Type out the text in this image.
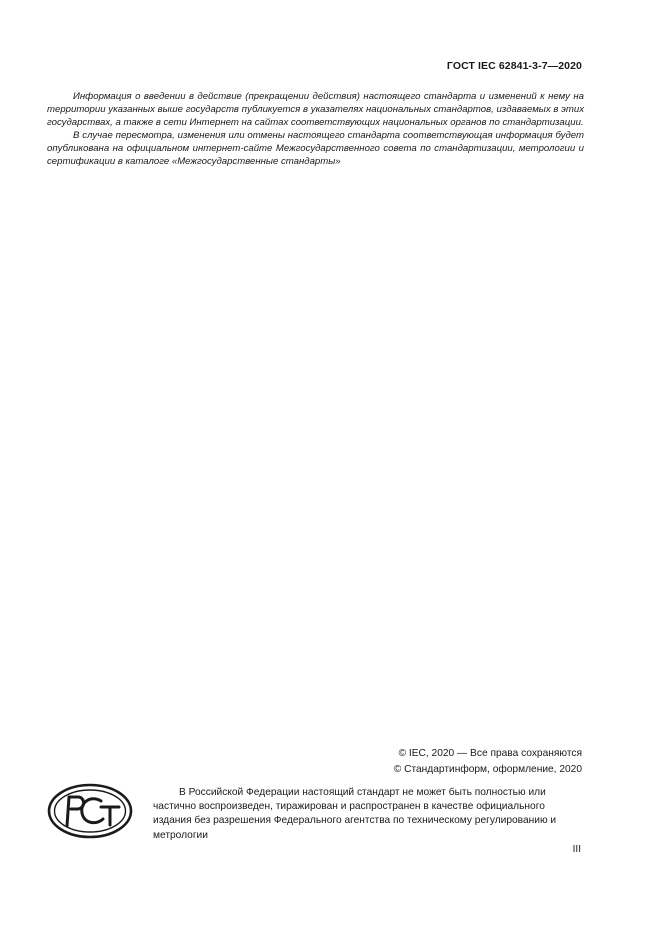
ГОСТ IEC 62841-3-7—2020

Информация о введении в действие (прекращении действия) настоящего стандарта и изменений к нему на территории указанных выше государств публикуется в указателях национальных стандартов, издаваемых в этих государствах, а также в сети Интернет на сайтах соответствующих национальных органов по стандартизации.

В случае пересмотра, изменения или отмены настоящего стандарта соответствующая информация будет опубликована на официальном интернет-сайте Межгосударственного совета по стандартизации, метрологии и сертификации в каталоге «Межгосударственные стандарты»

© IEC, 2020 — Все права сохраняются
© Стандартинформ, оформление, 2020

В Российской Федерации настоящий стандарт не может быть полностью или частично воспроизведен, тиражирован и распространен в качестве официального издания без разрешения Федерального агентства по техническому регулированию и метрологии

III
